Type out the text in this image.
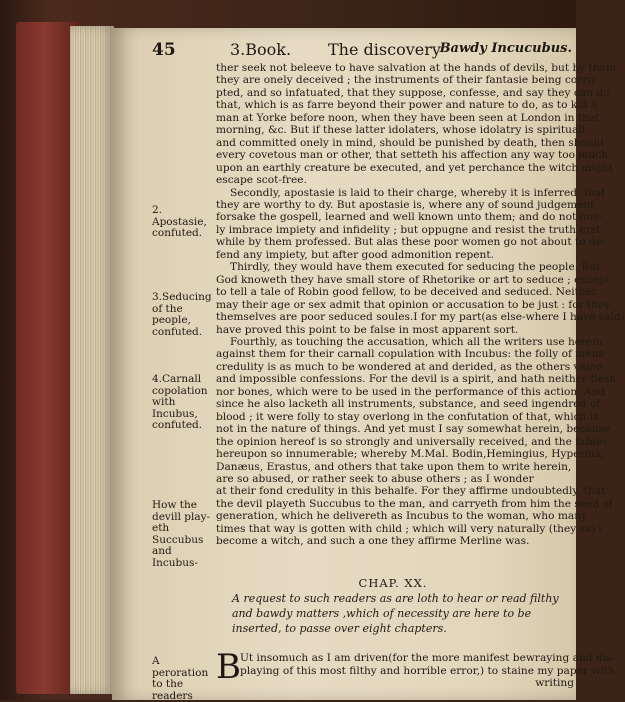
45	3.Book. The discovery
Bawdy Incucubus.
2. Apostasie, confuted.
3.Seducing of the people, confuted.
4.Carnall copolation with Incubus, confuted.
How the devill play- eth Succubus and Incubus-
ther seek not beleeve to have salvation at the hands of devils, but by them
they are onely deceived ; the instruments of their fantasie being corru-
pted, and so infatuated, that they suppose, confesse, and say they can do
that, which is as farre beyond their power and nature to do, as to kill a
man at Yorke before noon, when they have been seen at London in that
morning, &c. But if these latter idolaters, whose idolatry is spirituall
and committed onely in mind, should be punished by death, then should
every covetous man or other, that setteth his affection any way too much
upon an earthly creature be executed, and yet perchance the witch might
escape scot-free.
Secondly, apostasie is laid to their charge, whereby it is inferred, that
they are worthy to dy. But apostasie is, where any of sound judgement
forsake the gospell, learned and well known unto them; and do not one-
ly imbrace impiety and infidelity ; but oppugne and resist the truth erst-
while by them professed. But alas these poor women go not about to de-
fend any impiety, but after good admonition repent.
Thirdly, they would have them executed for seducing the people. But
God knoweth they have small store of Rhetorike or art to seduce ; except
to tell a tale of Robin good fellow, to be deceived and seduced. Neither
may their age or sex admit that opinion or accusation to be just : for they
themselves are poor seduced soules.I for my part(as else-where I have said)
have proved this point to be false in most apparent sort.
Fourthly, as touching the accusation, which all the writers use herein
against them for their carnall copulation with Incubus: the folly of mens
credulity is as much to be wondered at and derided, as the others vaine
and impossible confessions. For the devil is a spirit, and hath neither flesh
nor bones, which were to be used in the performance of this action. And
since he also lacketh all instruments, substance, and seed ingendred of
blood ; it were folly to stay overlong in the confutation of that, which is
not in the nature of things. And yet must I say somewhat herein, because
the opinion hereof is so strongly and universally received, and the fables
hereupon so innumerable; whereby M.Mal. Bodin,Hemingius, Hyperius,
Danæus, Erastus, and others that take upon them to write herein,
are so abused, or rather seek to abuse others ; as I wonder
at their fond credulity in this behalfe. For they affirme undoubtedly, that
the devil playeth Succubus to the man, and carryeth from him the seed of
generation, which he delivereth as Incubus to the woman, who many
times that way is gotten with child ; which will very naturally (they say)
become a witch, and such a one they affirme Merline was.
CHAP. XX.
A request to such readers as are loth to hear or read filthy and bawdy matters ,which of necessity are here to be inserted, to passe over eight chapters.
A peroration to the readers
B Ut insomuch as I am driven(for the more manifest bewraying and dis-
playing of this most filthy and horrible error,) to staine my paper with
writing
